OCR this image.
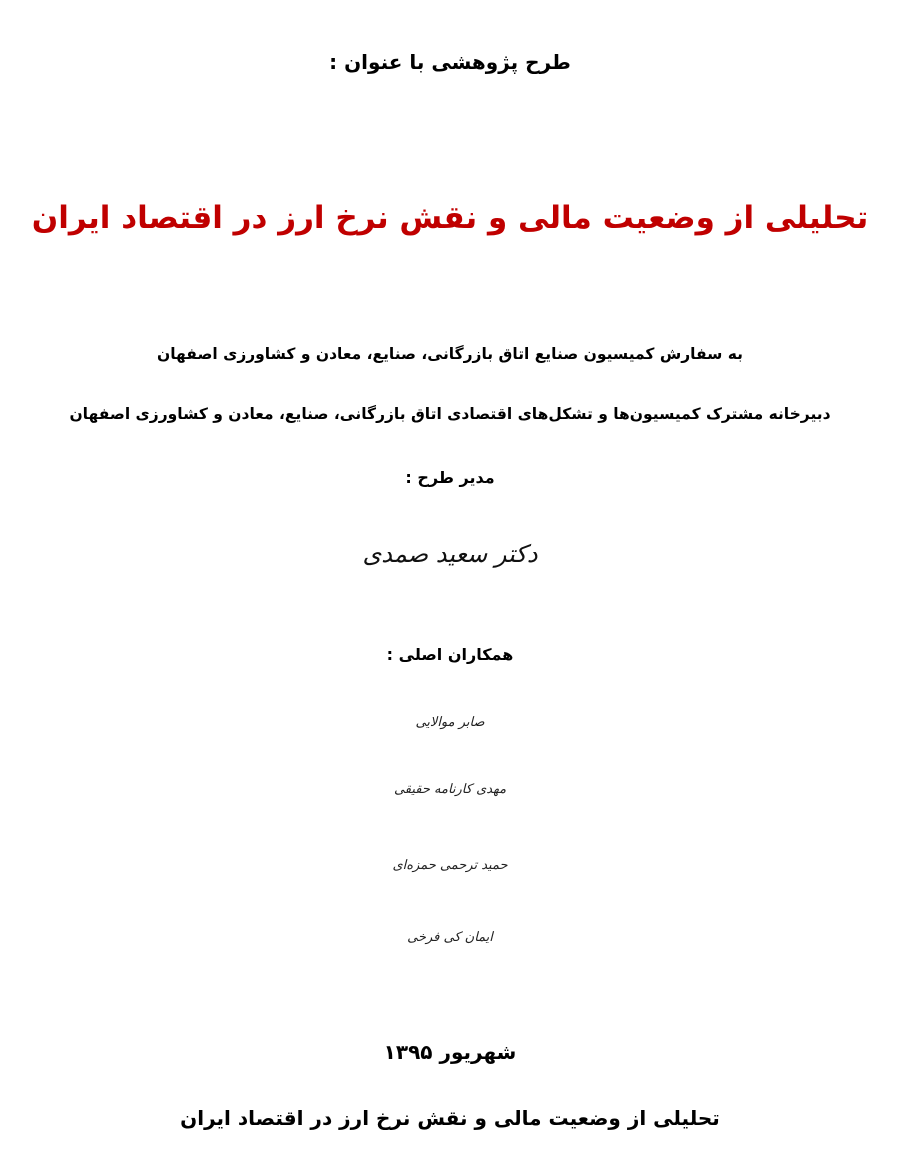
طرح پژوهشی با عنوان :
تحلیلی از وضعیت مالی و نقش نرخ ارز در اقتصاد ایران
به سفارش کمیسیون صنایع اتاق بازرگانی، صنایع، معادن و کشاورزی اصفهان
دبیرخانه مشترک کمیسیون‌ها و تشکل‌های اقتصادی اتاق بازرگانی، صنایع، معادن و کشاورزی اصفهان
مدیر طرح :
دکتر سعید صمدی
همکاران اصلی :
صابر موالایی
مهدی کارنامه حقیقی
حمید ترحمی حمزه‌ای
ایمان کی فرخی
شهریور ۱۳۹۵
تحلیلی از وضعیت مالی و نقش نرخ ارز در اقتصاد ایران
